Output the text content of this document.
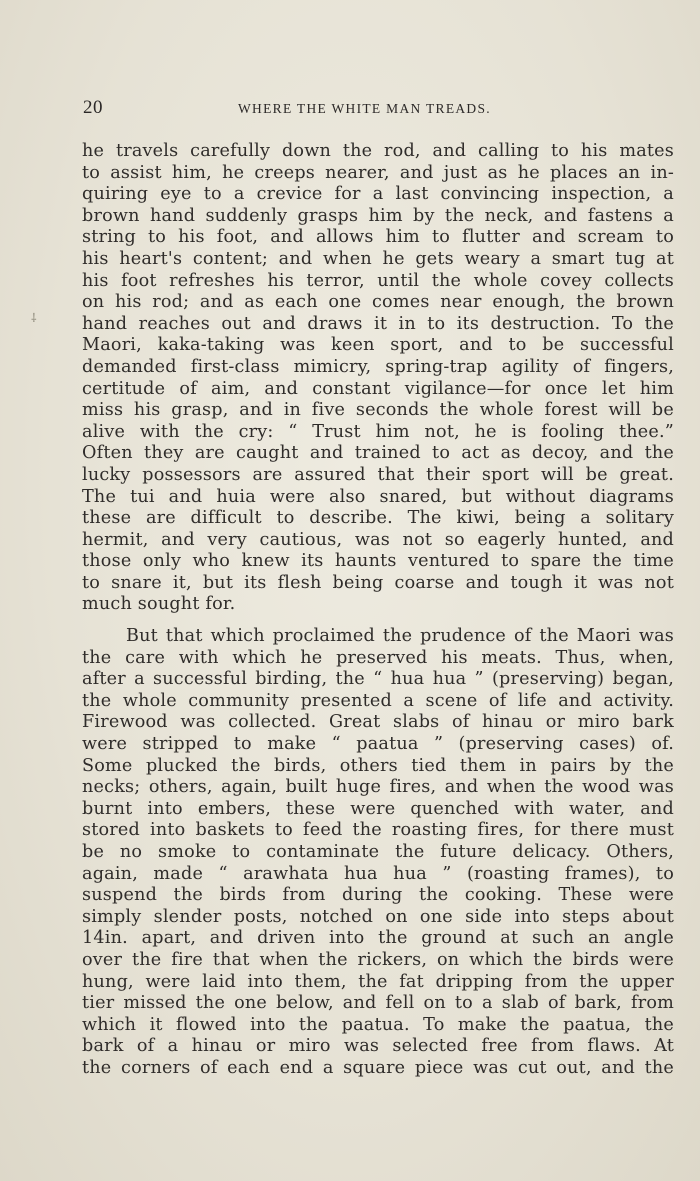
20	WHERE THE WHITE MAN TREADS.
⸸
he travels carefully down the rod, and calling to his mates
to assist him, he creeps nearer, and just as he places an in-
quiring eye to a crevice for a last convincing inspection, a
brown hand suddenly grasps him by the neck, and fastens a
string to his foot, and allows him to flutter and scream to
his heart's content; and when he gets weary a smart tug at
his foot refreshes his terror, until the whole covey collects
on his rod; and as each one comes near enough, the brown
hand reaches out and draws it in to its destruction. To the
Maori, kaka-taking was keen sport, and to be successful
demanded first-class mimicry, spring-trap agility of fingers,
certitude of aim, and constant vigilance—for once let him
miss his grasp, and in five seconds the whole forest will be
alive with the cry: “ Trust him not, he is fooling thee.”
Often they are caught and trained to act as decoy, and the
lucky possessors are assured that their sport will be great.
The tui and huia were also snared, but without diagrams
these are difficult to describe. The kiwi, being a solitary
hermit, and very cautious, was not so eagerly hunted, and
those only who knew its haunts ventured to spare the time
to snare it, but its flesh being coarse and tough it was not
much sought for.
But that which proclaimed the prudence of the Maori was
the care with which he preserved his meats. Thus, when,
after a successful birding, the “ hua hua ” (preserving) began,
the whole community presented a scene of life and activity.
Firewood was collected. Great slabs of hinau or miro bark
were stripped to make “ paatua ” (preserving cases) of.
Some plucked the birds, others tied them in pairs by the
necks; others, again, built huge fires, and when the wood was
burnt into embers, these were quenched with water, and
stored into baskets to feed the roasting fires, for there must
be no smoke to contaminate the future delicacy. Others,
again, made “ arawhata hua hua ” (roasting frames), to
suspend the birds from during the cooking. These were
simply slender posts, notched on one side into steps about
14in. apart, and driven into the ground at such an angle
over the fire that when the rickers, on which the birds were
hung, were laid into them, the fat dripping from the upper
tier missed the one below, and fell on to a slab of bark, from
which it flowed into the paatua. To make the paatua, the
bark of a hinau or miro was selected free from flaws. At
the corners of each end a square piece was cut out, and the
